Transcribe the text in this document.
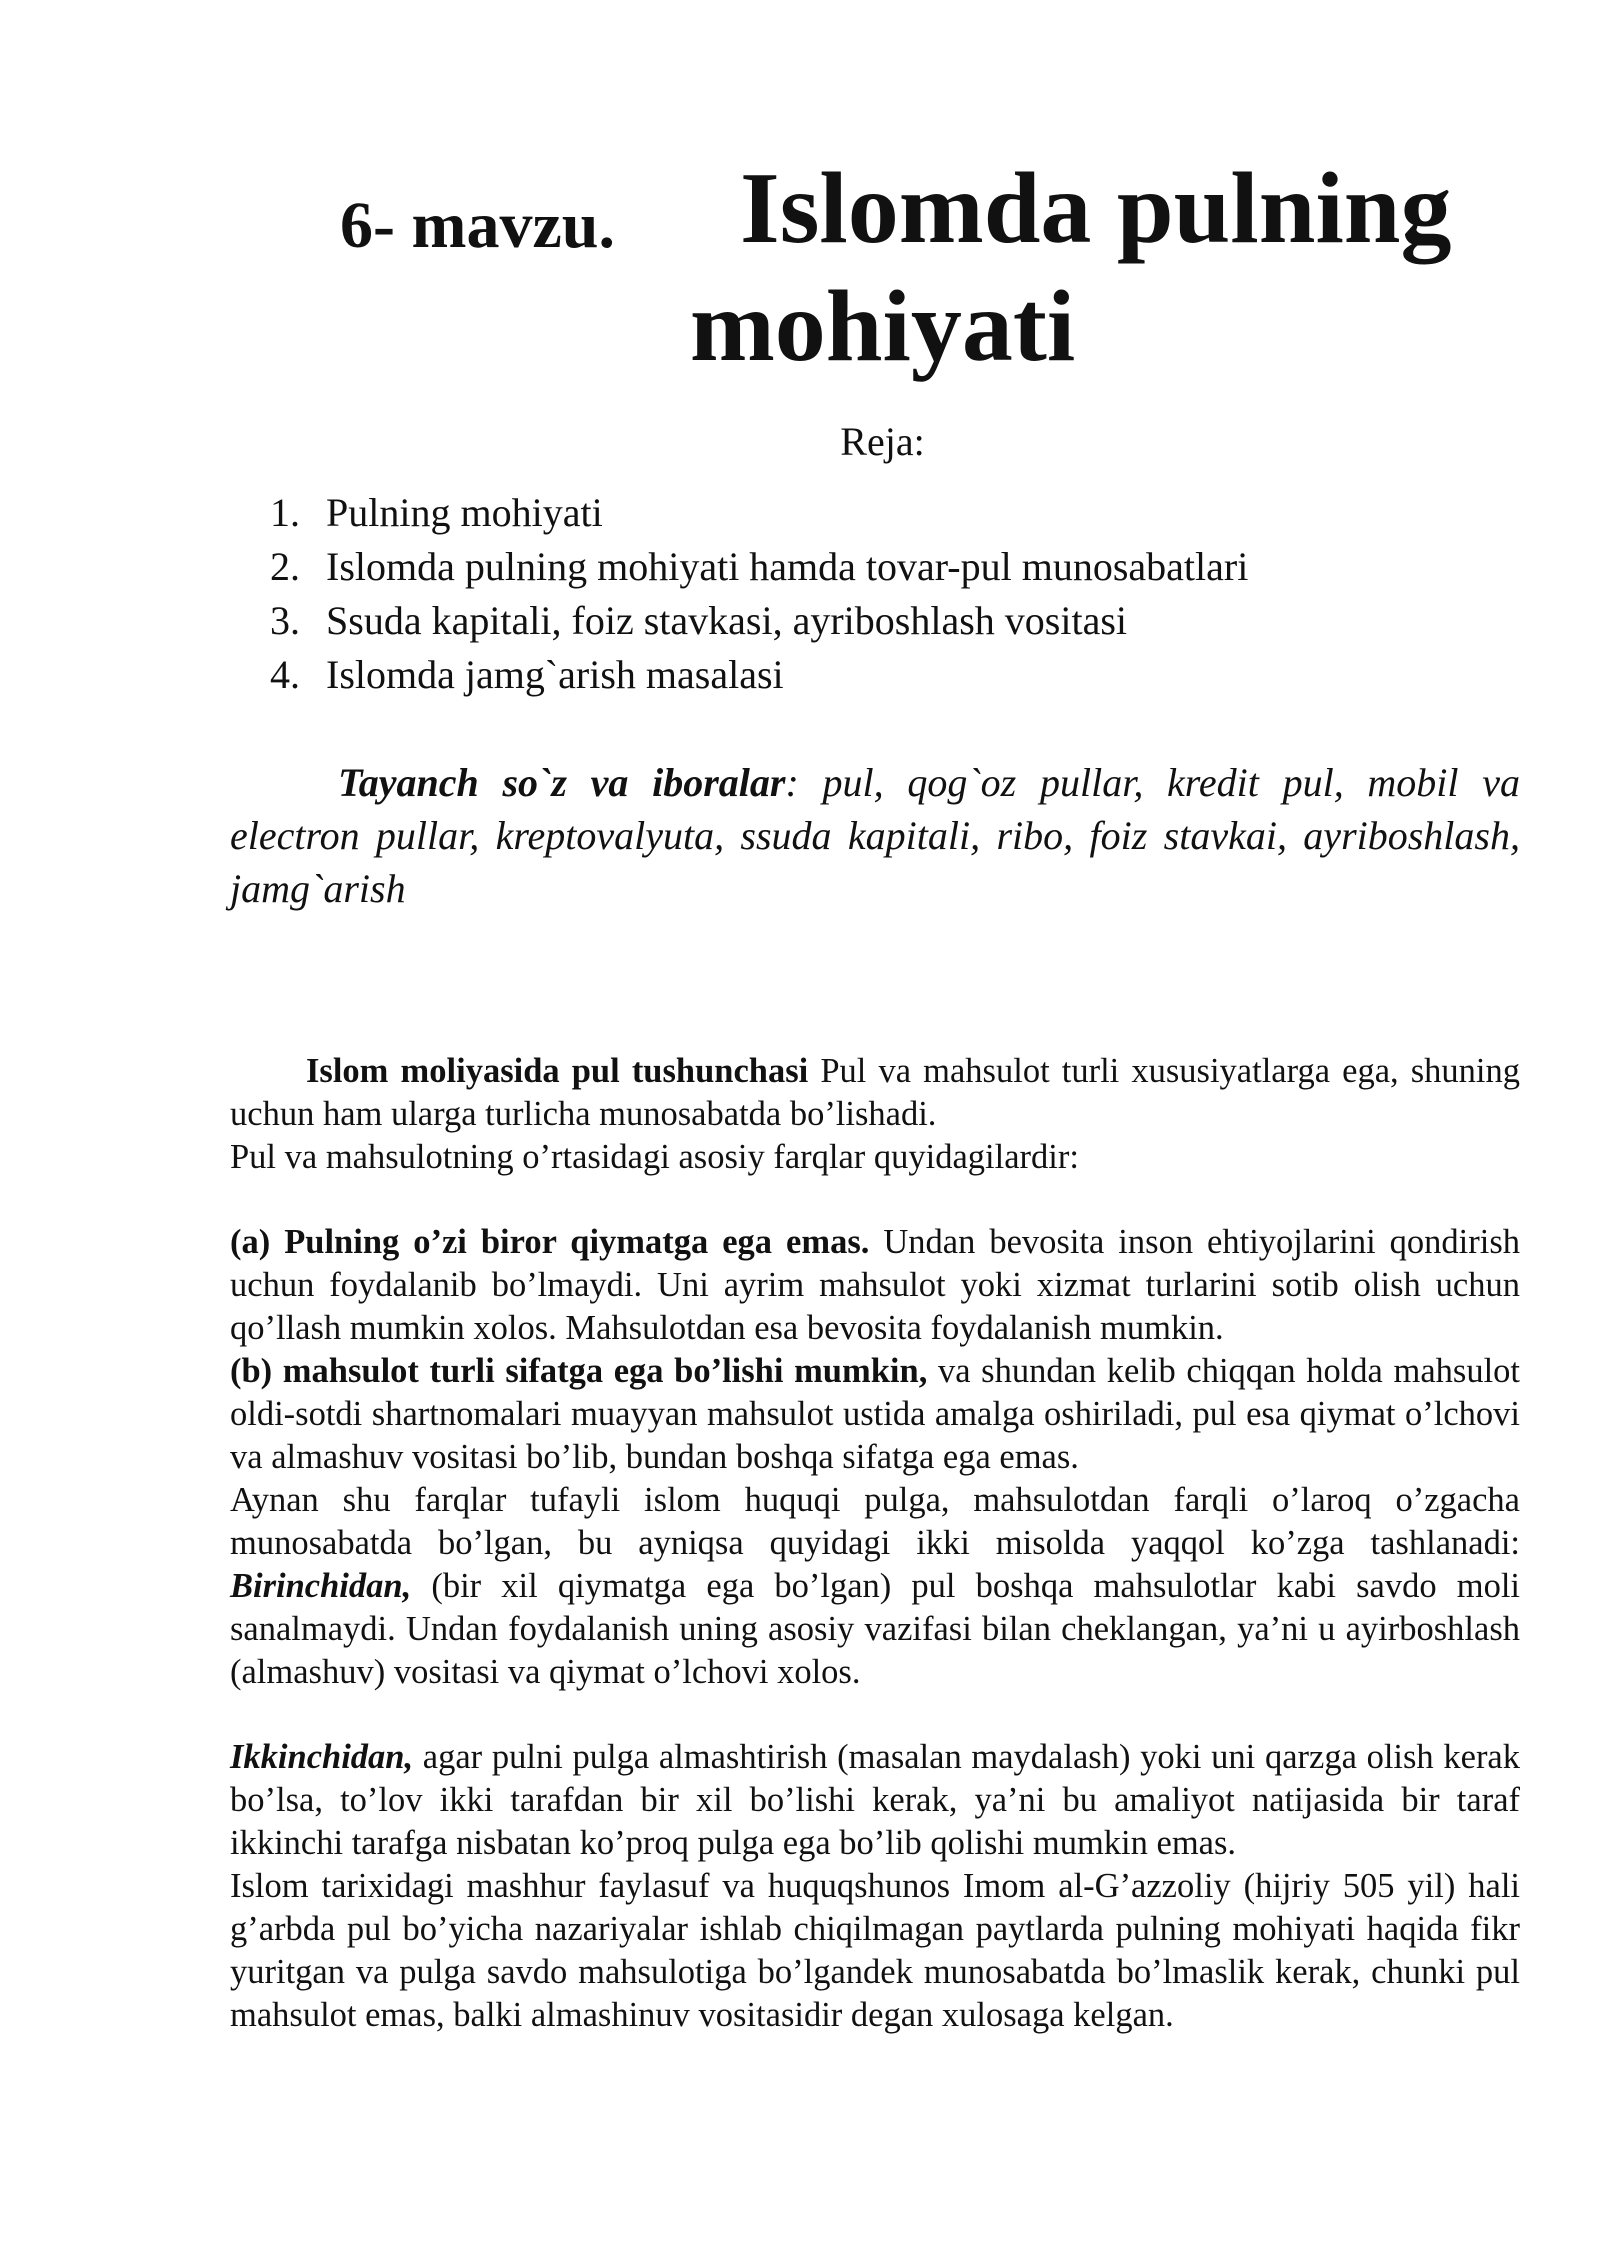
6- mavzu. Islomda pulning
mohiyati
Reja:
1. Pulning mohiyati
2. Islomda pulning mohiyati hamda tovar-pul munosabatlari
3. Ssuda kapitali, foiz stavkasi, ayriboshlash vositasi
4. Islomda jamg`arish masalasi
Tayanch so`z va iboralar: pul, qog`oz pullar, kredit pul, mobil va electron pullar, kreptovalyuta, ssuda kapitali, ribo, foiz stavkai, ayriboshlash, jamg`arish

Islom moliyasida pul tushunchasi Pul va mahsulot turli xususiyatlarga ega, shuning uchun ham ularga turlicha munosabatda bo’lishadi.

Pul va mahsulotning o’rtasidagi asosiy farqlar quyidagilardir:

(a) Pulning o’zi biror qiymatga ega emas. Undan bevosita inson ehtiyojlarini qondirish uchun foydalanib bo’lmaydi. Uni ayrim mahsulot yoki xizmat turlarini sotib olish uchun qo’llash mumkin xolos. Mahsulotdan esa bevosita foydalanish mumkin.

(b) mahsulot turli sifatga ega bo’lishi mumkin, va shundan kelib chiqqan holda mahsulot oldi-sotdi shartnomalari muayyan mahsulot ustida amalga oshiriladi, pul esa qiymat o’lchovi va almashuv vositasi bo’lib, bundan boshqa sifatga ega emas.

Aynan shu farqlar tufayli islom huquqi pulga, mahsulotdan farqli o’laroq o’zgacha munosabatda bo’lgan, bu ayniqsa quyidagi ikki misolda yaqqol ko’zga tashlanadi: Birinchidan, (bir xil qiymatga ega bo’lgan) pul boshqa mahsulotlar kabi savdo moli sanalmaydi. Undan foydalanish uning asosiy vazifasi bilan cheklangan, ya’ni u ayirboshlash (almashuv) vositasi va qiymat o’lchovi xolos.

Ikkinchidan, agar pulni pulga almashtirish (masalan maydalash) yoki uni qarzga olish kerak bo’lsa, to’lov ikki tarafdan bir xil bo’lishi kerak, ya’ni bu amaliyot natijasida bir taraf ikkinchi tarafga nisbatan ko’proq pulga ega bo’lib qolishi mumkin emas.

Islom tarixidagi mashhur faylasuf va huquqshunos Imom al-G’azzoliy (hijriy 505 yil) hali g’arbda pul bo’yicha nazariyalar ishlab chiqilmagan paytlarda pulning mohiyati haqida fikr yuritgan va pulga savdo mahsulotiga bo’lgandek munosabatda bo’lmaslik kerak, chunki pul mahsulot emas, balki almashinuv vositasidir degan xulosaga kelgan.
